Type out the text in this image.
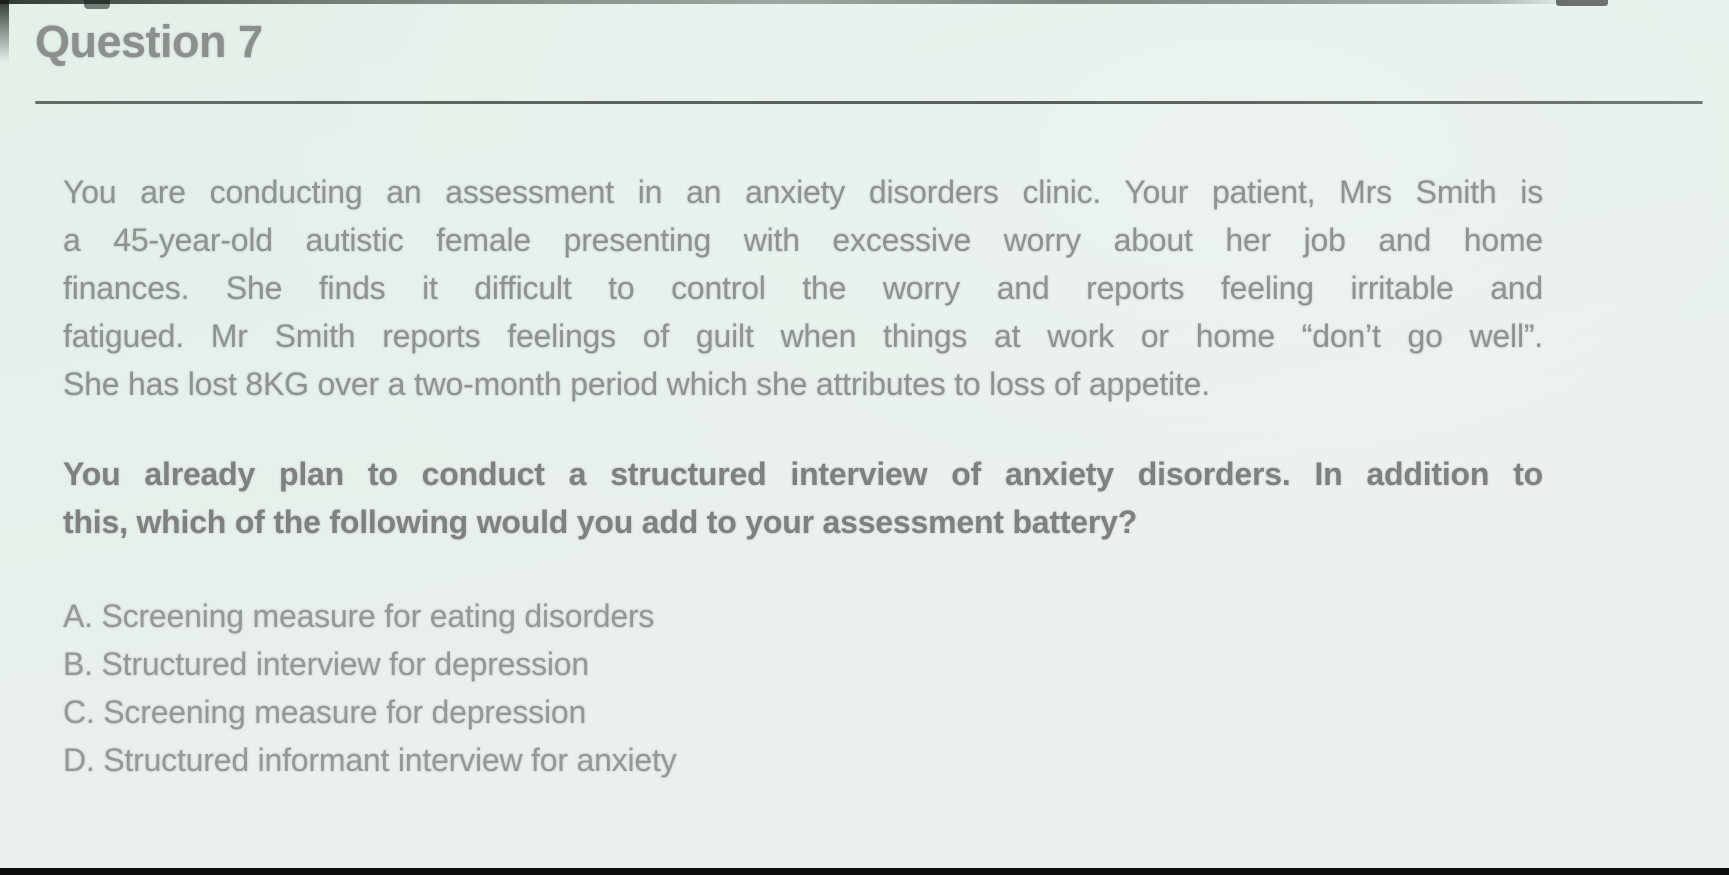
Question 7
You are conducting an assessment in an anxiety disorders clinic. Your patient, Mrs Smith is
a 45-year-old autistic female presenting with excessive worry about her job and home
finances. She finds it difficult to control the worry and reports feeling irritable and
fatigued. Mr Smith reports feelings of guilt when things at work or home “don’t go well”.
She has lost 8KG over a two-month period which she attributes to loss of appetite.
You already plan to conduct a structured interview of anxiety disorders. In addition to
this, which of the following would you add to your assessment battery?
A. Screening measure for eating disorders
B. Structured interview for depression
C. Screening measure for depression
D. Structured informant interview for anxiety
